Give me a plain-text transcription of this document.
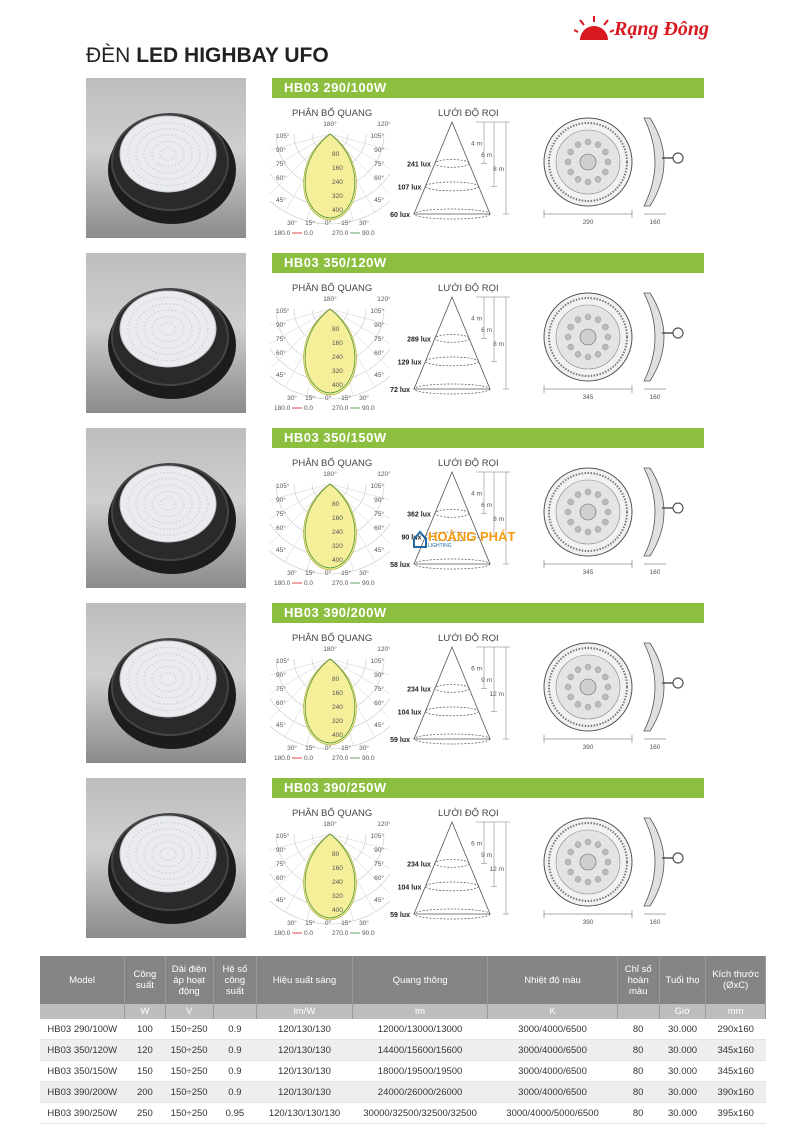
Rạng Đông
ĐÈN LED HIGHBAY UFO
HB03 290/100W
PHÂN BỐ QUANG	LƯỚI ĐỘ RỌI
80
160
240
320
400
180°	120°
105°	105°
90°	90°
75°	75°
60°	60°
45°	45°
30° 15° 0° 15° 30°
180.0 0.0	270.0 90.0
241 lux
107 lux
60 lux
4 m
6 m
8 m
290	160
HB03 350/120W
PHÂN BỐ QUANG	LƯỚI ĐỘ RỌI
80
160
240
320
400
180°	120°
105°	105°
90°	90°
75°	75°
60°	60°
45°	45°
30° 15° 0° 15° 30°
180.0 0.0	270.0 90.0
289 lux
129 lux
72 lux
4 m
6 m
8 m
345	160
HB03 350/150W
PHÂN BỐ QUANG	LƯỚI ĐỘ RỌI
80
160
240
320
400
180°	120°
105°	105°
90°	90°
75°	75°
60°	60°
45°	45°
30° 15° 0° 15° 30°
180.0 0.0	270.0 90.0
362 lux
90 lux
58 lux
4 m
6 m
8 m
345	160
HB03 390/200W
PHÂN BỐ QUANG	LƯỚI ĐỘ RỌI
80
160
240
320
400
180°	120°
105°	105°
90°	90°
75°	75°
60°	60°
45°	45°
30° 15° 0° 15° 30°
180.0 0.0	270.0 90.0
234 lux
104 lux
59 lux
6 m
9 m
12 m
390	160
HB03 390/250W
PHÂN BỐ QUANG	LƯỚI ĐỘ RỌI
80
160
240
320
400
180°	120°
105°	105°
90°	90°
75°	75°
60°	60°
45°	45°
30° 15° 0° 15° 30°
180.0 0.0	270.0 90.0
234 lux
104 lux
59 lux
6 m
9 m
12 m
390	160
HOÀNG PHÁT
LIGHTING
Model	Công suất	Dải điện áp hoạt động	Hệ số công suất	Hiệu suất sáng	Quang thông	Nhiệt độ màu	Chỉ số hoàn màu	Tuổi thọ	Kích thước (ØxC)
	W	V		lm/W	lm	K		Giờ	mm
HB03 290/100W	100	150÷250	0.9	120/130/130	12000/13000/13000	3000/4000/6500	80	30.000	290x160
HB03 350/120W	120	150÷250	0.9	120/130/130	14400/15600/15600	3000/4000/6500	80	30.000	345x160
HB03 350/150W	150	150÷250	0.9	120/130/130	18000/19500/19500	3000/4000/6500	80	30.000	345x160
HB03 390/200W	200	150÷250	0.9	120/130/130	24000/26000/26000	3000/4000/6500	80	30.000	390x160
HB03 390/250W	250	150÷250	0.95	120/130/130/130	30000/32500/32500/32500	3000/4000/5000/6500	80	30.000	395x160
